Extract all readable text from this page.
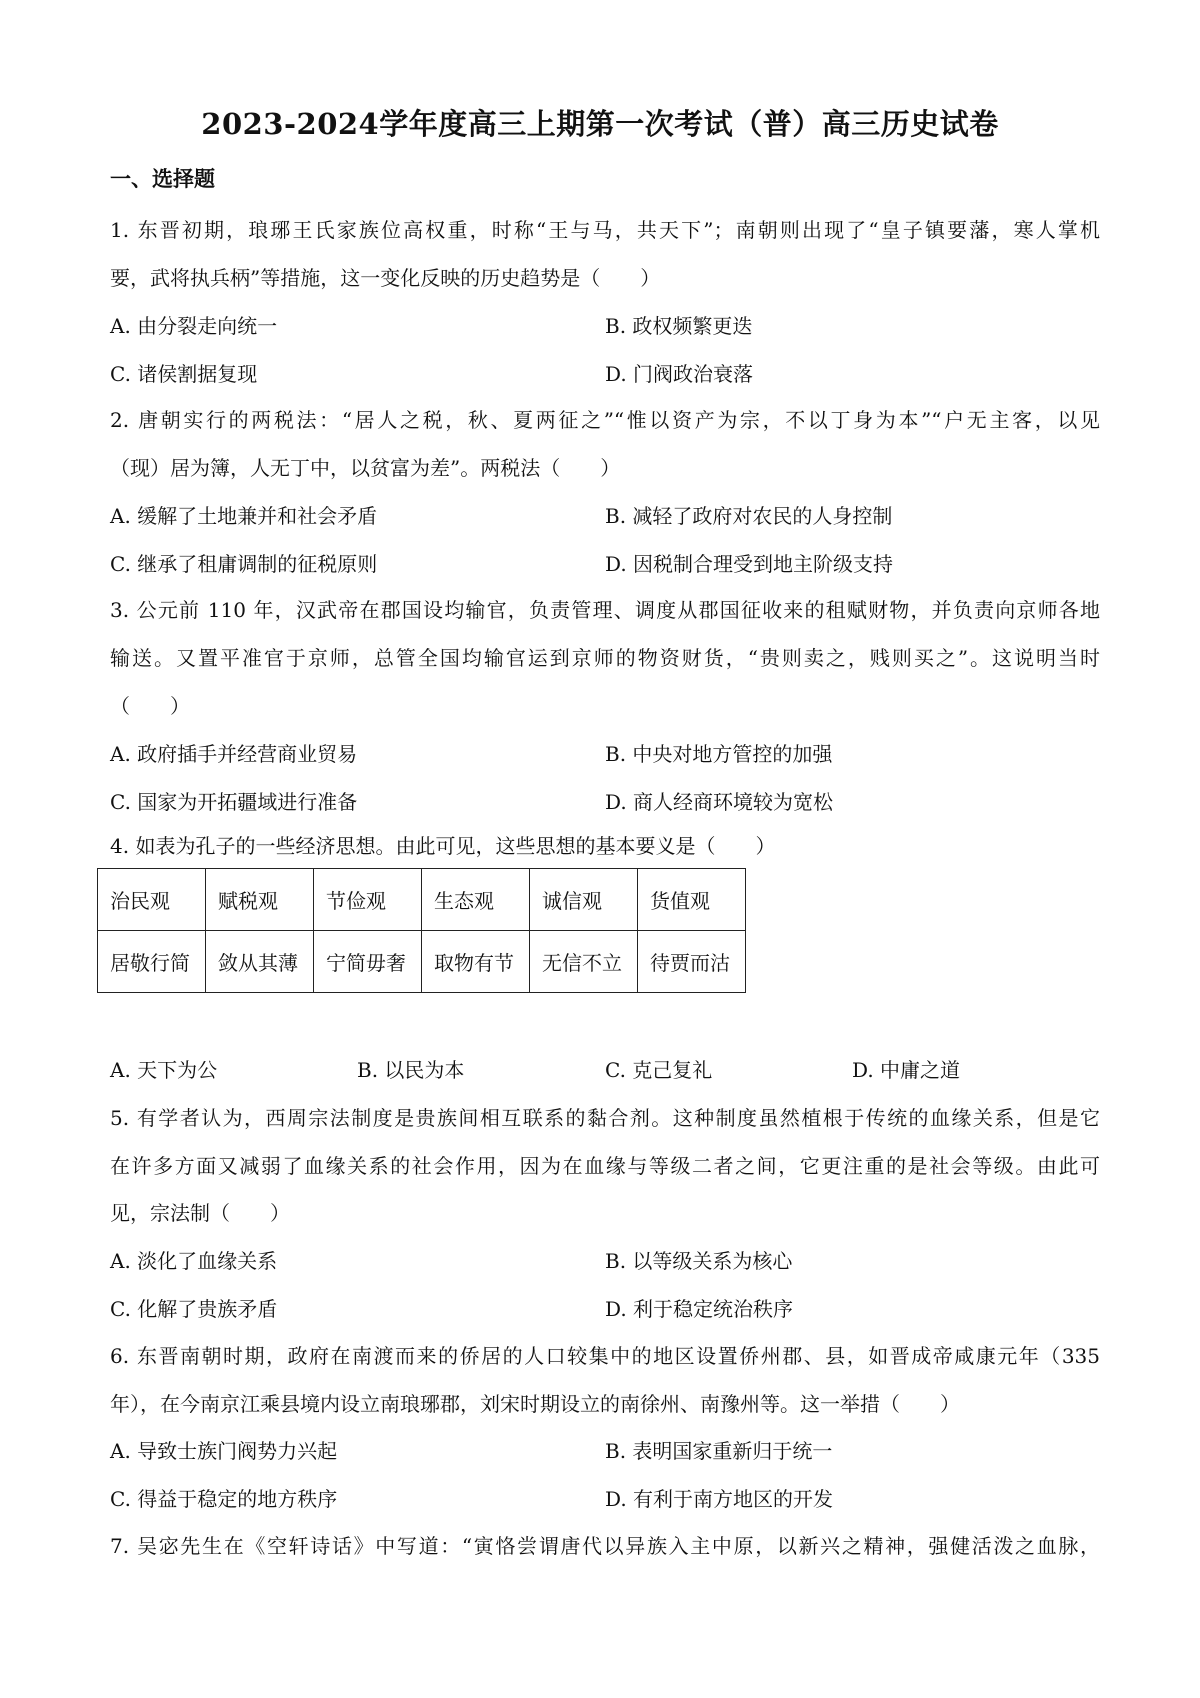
2023-2024学年度高三上期第一次考试（普）高三历史试卷
一、选择题
1. 东晋初期，琅琊王氏家族位高权重，时称“王与马，共天下”；南朝则出现了“皇子镇要藩，寒人掌机
要，武将执兵柄”等措施，这一变化反映的历史趋势是（　　）
A. 由分裂走向统一	B. 政权频繁更迭
C. 诸侯割据复现	D. 门阀政治衰落
2. 唐朝实行的两税法：“居人之税，秋、夏两征之”“惟以资产为宗，不以丁身为本”“户无主客，以见
（现）居为簿，人无丁中，以贫富为差”。两税法（　　）
A. 缓解了土地兼并和社会矛盾	B. 减轻了政府对农民的人身控制
C. 继承了租庸调制的征税原则	D. 因税制合理受到地主阶级支持
3. 公元前 110 年，汉武帝在郡国设均输官，负责管理、调度从郡国征收来的租赋财物，并负责向京师各地
输送。又置平准官于京师，总管全国均输官运到京师的物资财货，“贵则卖之，贱则买之”。这说明当时
（　　）
A. 政府插手并经营商业贸易	B. 中央对地方管控的加强
C. 国家为开拓疆域进行准备	D. 商人经商环境较为宽松
4. 如表为孔子的一些经济思想。由此可见，这些思想的基本要义是（　　）
治民观	赋税观	节俭观	生态观	诚信观	货值观
居敬行简	敛从其薄	宁简毋奢	取物有节	无信不立	待贾而沽
A. 天下为公	B. 以民为本	C. 克己复礼	D. 中庸之道
5. 有学者认为，西周宗法制度是贵族间相互联系的黏合剂。这种制度虽然植根于传统的血缘关系，但是它
在许多方面又减弱了血缘关系的社会作用，因为在血缘与等级二者之间，它更注重的是社会等级。由此可
见，宗法制（　　）
A. 淡化了血缘关系	B. 以等级关系为核心
C. 化解了贵族矛盾	D. 利于稳定统治秩序
6. 东晋南朝时期，政府在南渡而来的侨居的人口较集中的地区设置侨州郡、县，如晋成帝咸康元年（335
年），在今南京江乘县境内设立南琅琊郡，刘宋时期设立的南徐州、南豫州等。这一举措（　　）
A. 导致士族门阀势力兴起	B. 表明国家重新归于统一
C. 得益于稳定的地方秩序	D. 有利于南方地区的开发
7. 吴宓先生在《空轩诗话》中写道：“寅恪尝谓唐代以异族入主中原，以新兴之精神，强健活泼之血脉，
